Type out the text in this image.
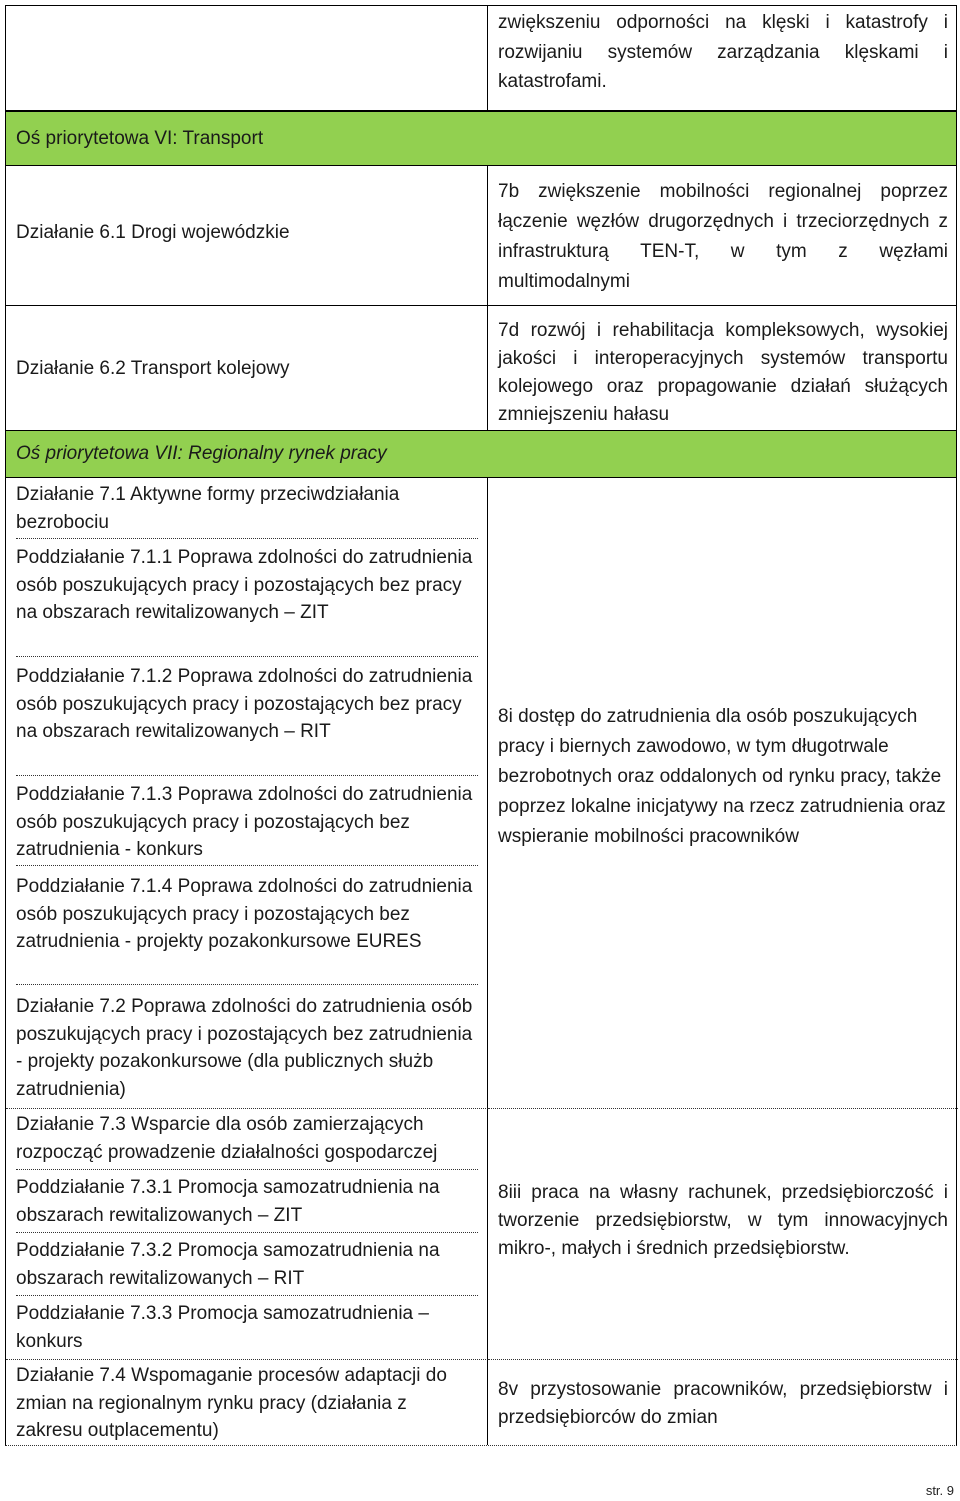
zwiększeniu odporności na klęski i katastrofy i rozwijaniu systemów zarządzania klęskami i katastrofami.
Oś priorytetowa VI: Transport
Działanie 6.1 Drogi wojewódzkie
7b zwiększenie mobilności regionalnej poprzez łączenie węzłów drugorzędnych i trzeciorzędnych z infrastrukturą TEN-T, w tym z węzłami multimodalnymi
Działanie 6.2 Transport kolejowy
7d rozwój i rehabilitacja kompleksowych, wysokiej jakości i interoperacyjnych systemów transportu kolejowego oraz propagowanie działań służących zmniejszeniu hałasu
Oś priorytetowa VII: Regionalny rynek pracy
Działanie 7.1 Aktywne formy przeciwdziałania bezrobociu
Poddziałanie 7.1.1 Poprawa zdolności do zatrudnienia osób poszukujących pracy i pozostających bez pracy na obszarach rewitalizowanych – ZIT
Poddziałanie 7.1.2 Poprawa zdolności do zatrudnienia osób poszukujących pracy i pozostających bez pracy na obszarach rewitalizowanych – RIT
Poddziałanie 7.1.3 Poprawa zdolności do zatrudnienia osób poszukujących pracy i pozostających bez zatrudnienia - konkurs
Poddziałanie 7.1.4 Poprawa zdolności do zatrudnienia osób poszukujących pracy i pozostających bez zatrudnienia - projekty pozakonkursowe EURES
Działanie 7.2 Poprawa zdolności do zatrudnienia osób poszukujących pracy i pozostających bez zatrudnienia - projekty pozakonkursowe (dla publicznych służb zatrudnienia)
8i dostęp do zatrudnienia dla osób poszukujących pracy i biernych zawodowo, w tym długotrwale bezrobotnych oraz oddalonych od rynku pracy, także poprzez lokalne inicjatywy na rzecz zatrudnienia oraz wspieranie mobilności pracowników
Działanie 7.3 Wsparcie dla osób zamierzających rozpocząć prowadzenie działalności gospodarczej
Poddziałanie 7.3.1 Promocja samozatrudnienia na obszarach rewitalizowanych – ZIT
Poddziałanie 7.3.2 Promocja samozatrudnienia na obszarach rewitalizowanych – RIT
Poddziałanie 7.3.3 Promocja samozatrudnienia – konkurs
8iii praca na własny rachunek, przedsiębiorczość i tworzenie przedsiębiorstw, w tym innowacyjnych mikro-, małych i średnich przedsiębiorstw.
Działanie 7.4 Wspomaganie procesów adaptacji do zmian na regionalnym rynku pracy (działania z zakresu outplacementu)
8v przystosowanie pracowników, przedsiębiorstw i przedsiębiorców do zmian
str. 9
